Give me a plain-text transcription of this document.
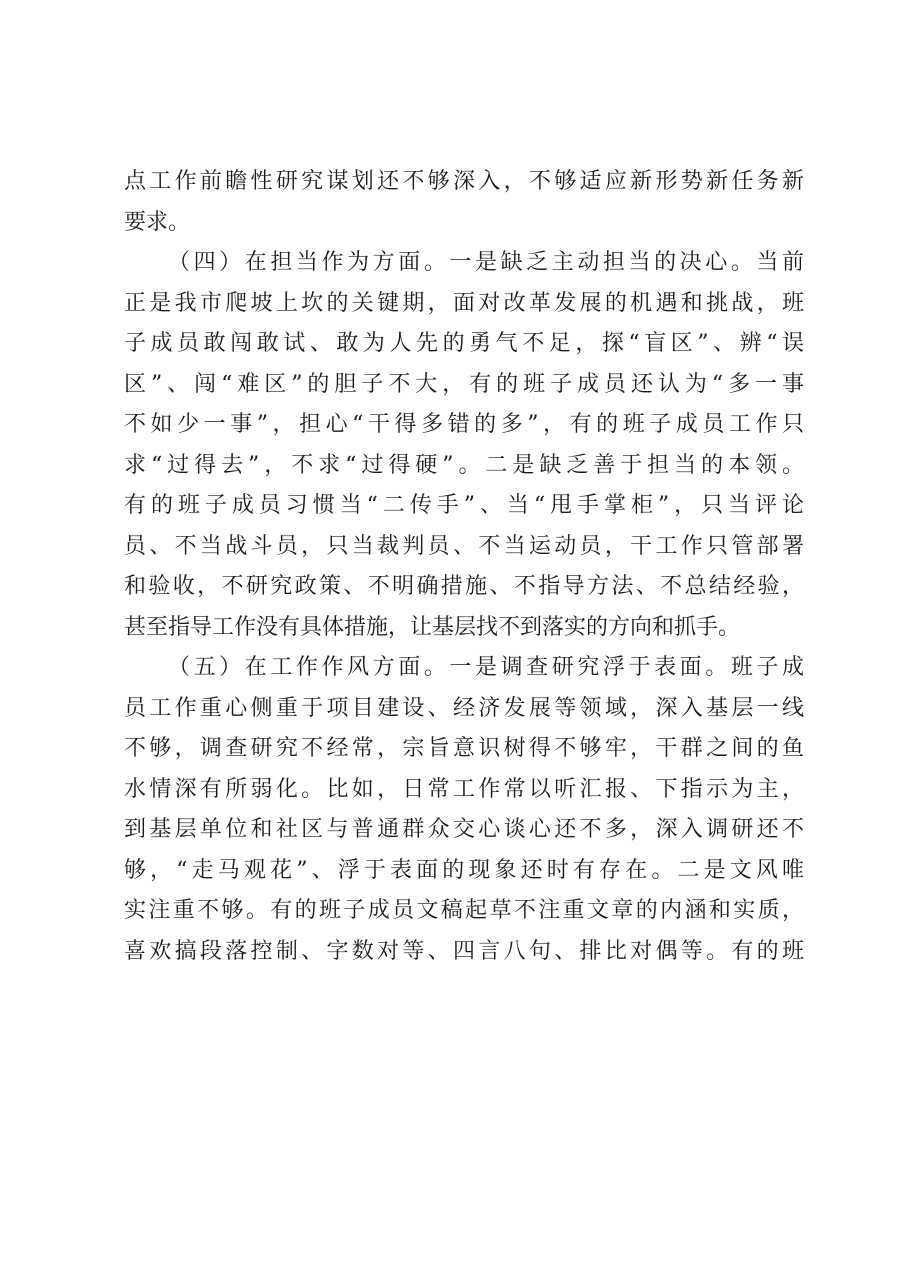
点工作前瞻性研究谋划还不够深入，不够适应新形势新任务新
要求。
（四）在担当作为方面。一是缺乏主动担当的决心。当前
正是我市爬坡上坎的关键期，面对改革发展的机遇和挑战，班
子成员敢闯敢试、敢为人先的勇气不足，探“盲区”、辨“误
区”、闯“难区”的胆子不大，有的班子成员还认为“多一事
不如少一事”，担心“干得多错的多”，有的班子成员工作只
求“过得去”，不求“过得硬”。二是缺乏善于担当的本领。
有的班子成员习惯当“二传手”、当“甩手掌柜”，只当评论
员、不当战斗员，只当裁判员、不当运动员，干工作只管部署
和验收，不研究政策、不明确措施、不指导方法、不总结经验，
甚至指导工作没有具体措施，让基层找不到落实的方向和抓手。
（五）在工作作风方面。一是调查研究浮于表面。班子成
员工作重心侧重于项目建设、经济发展等领域，深入基层一线
不够，调查研究不经常，宗旨意识树得不够牢，干群之间的鱼
水情深有所弱化。比如，日常工作常以听汇报、下指示为主，
到基层单位和社区与普通群众交心谈心还不多，深入调研还不
够，“走马观花”、浮于表面的现象还时有存在。二是文风唯
实注重不够。有的班子成员文稿起草不注重文章的内涵和实质，
喜欢搞段落控制、字数对等、四言八句、排比对偶等。有的班
